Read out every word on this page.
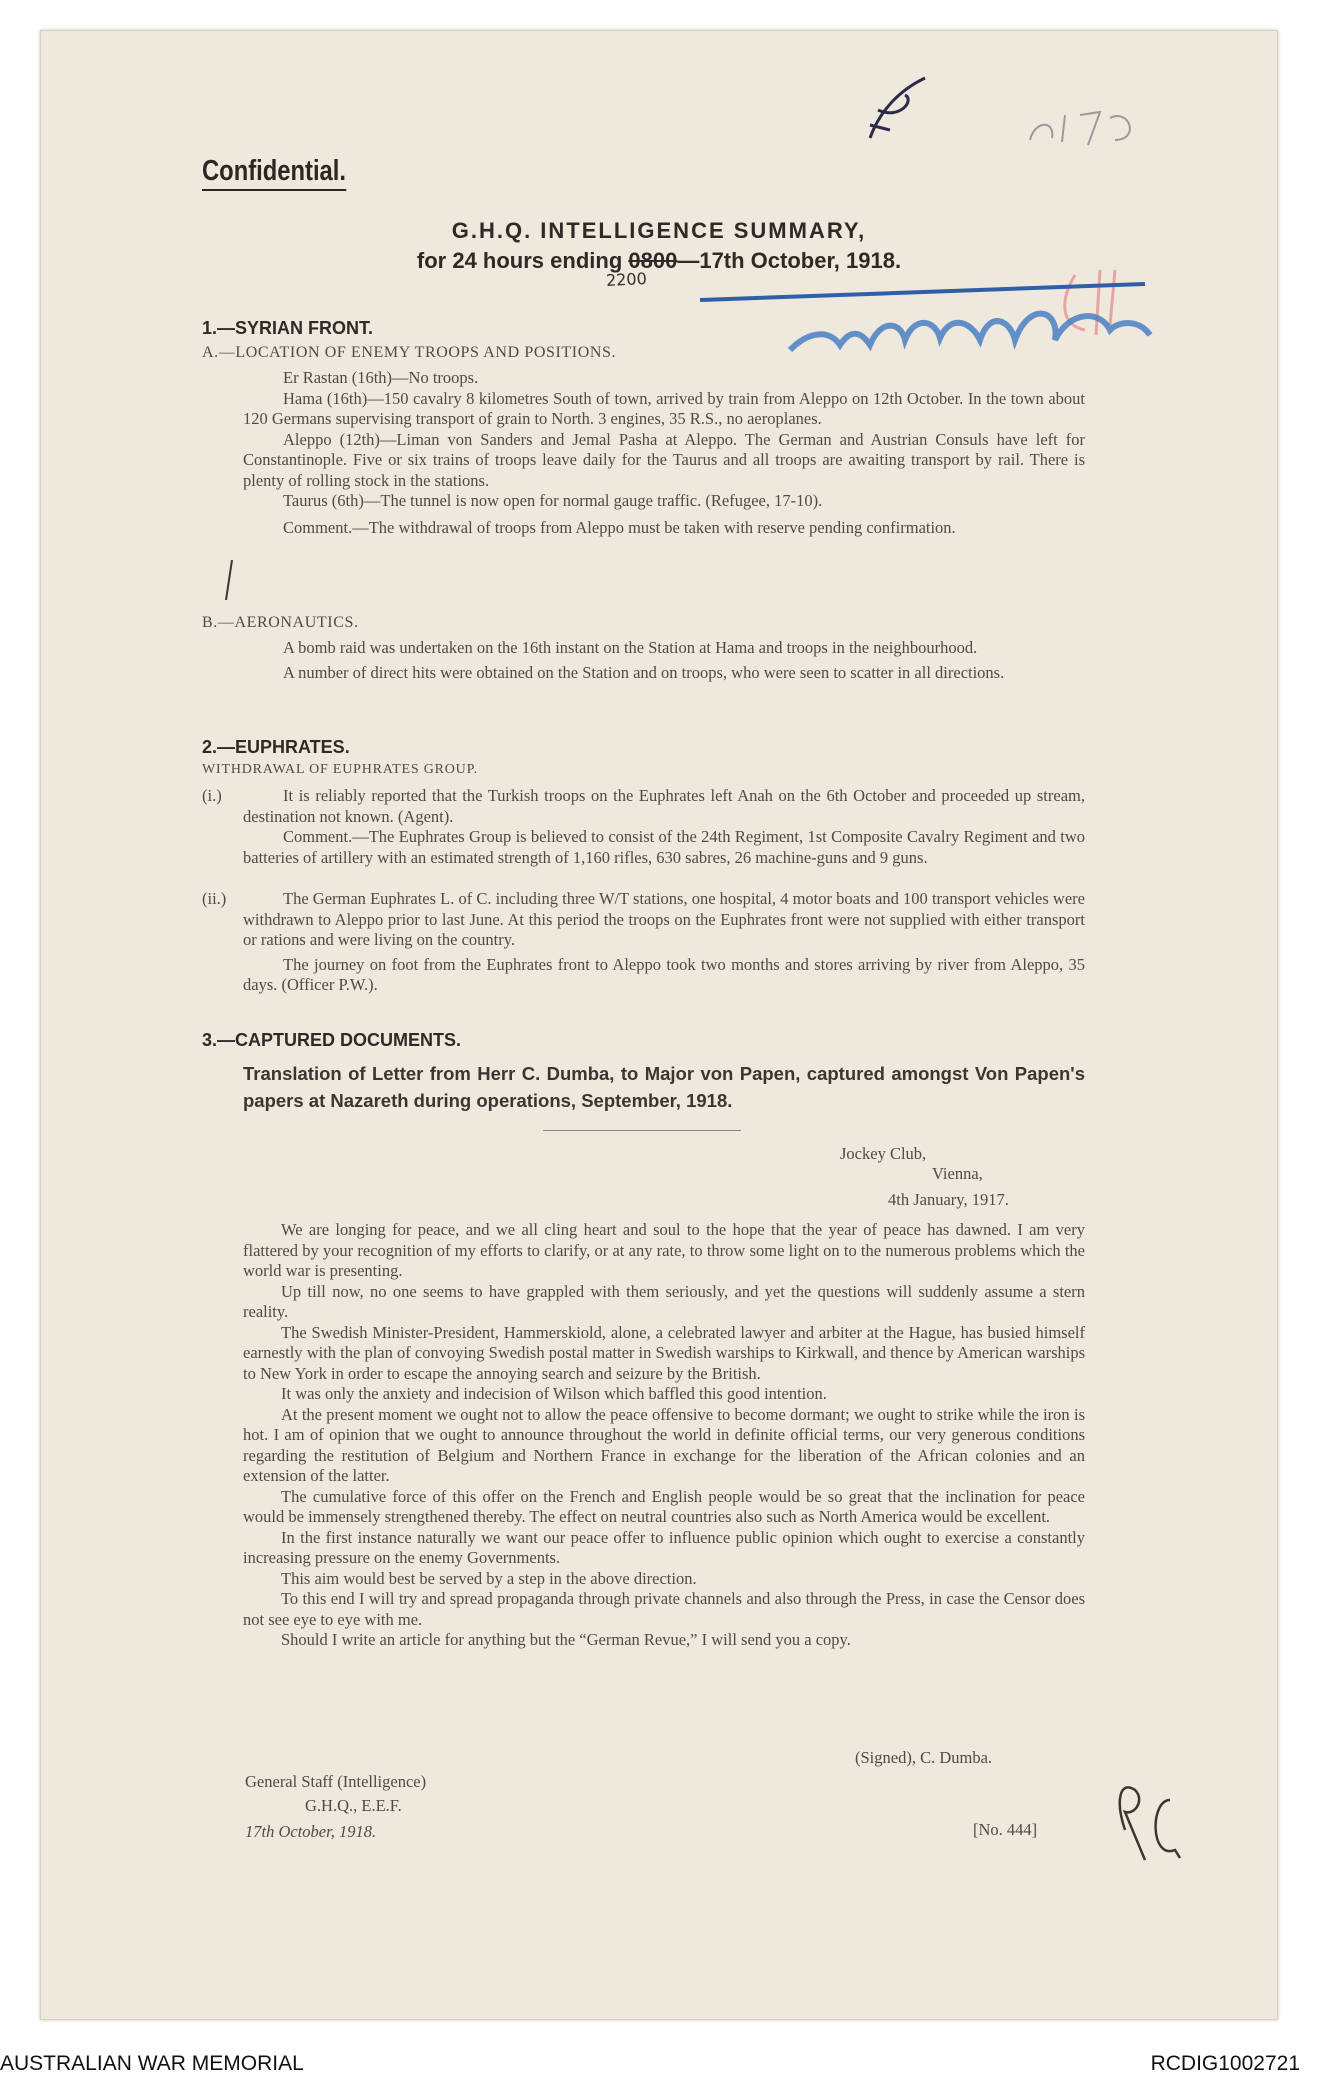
2200
Confidential.
G.H.Q. INTELLIGENCE SUMMARY,
for 24 hours ending 0800—17th October, 1918.
1.—SYRIAN FRONT.
A.—LOCATION OF ENEMY TROOPS AND POSITIONS.

Er Rastan (16th)—No troops.

Hama (16th)—150 cavalry 8 kilometres South of town, arrived by train from Aleppo on 12th October. In the town about 120 Germans supervising transport of grain to North. 3 engines, 35 R.S., no aeroplanes.

Aleppo (12th)—Liman von Sanders and Jemal Pasha at Aleppo. The German and Austrian Consuls have left for Constantinople. Five or six trains of troops leave daily for the Taurus and all troops are awaiting transport by rail. There is plenty of rolling stock in the stations.

Taurus (6th)—The tunnel is now open for normal gauge traffic. (Refugee, 17-10).

Comment.—The withdrawal of troops from Aleppo must be taken with reserve pending confirmation.

B.—AERONAUTICS.

A bomb raid was undertaken on the 16th instant on the Station at Hama and troops in the neighbourhood.

A number of direct hits were obtained on the Station and on troops, who were seen to scatter in all directions.

2.—EUPHRATES.
WITHDRAWAL OF EUPHRATES GROUP.
(i.)	It is reliably reported that the Turkish troops on the Euphrates left Anah on the 6th October and proceeded up stream, destination not known. (Agent).

Comment.—The Euphrates Group is believed to consist of the 24th Regiment, 1st Composite Cavalry Regiment and two batteries of artillery with an estimated strength of 1,160 rifles, 630 sabres, 26 machine-guns and 9 guns.

(ii.)	The German Euphrates L. of C. including three W/T stations, one hospital, 4 motor boats and 100 transport vehicles were withdrawn to Aleppo prior to last June. At this period the troops on the Euphrates front were not supplied with either transport or rations and were living on the country.

The journey on foot from the Euphrates front to Aleppo took two months and stores arriving by river from Aleppo, 35 days. (Officer P.W.).

3.—CAPTURED DOCUMENTS.
Translation of Letter from Herr C. Dumba, to Major von Papen, captured amongst Von Papen's papers at Nazareth during operations, September, 1918.
Jockey Club,
Vienna,
4th January, 1917.

We are longing for peace, and we all cling heart and soul to the hope that the year of peace has dawned. I am very flattered by your recognition of my efforts to clarify, or at any rate, to throw some light on to the numerous problems which the world war is presenting.

Up till now, no one seems to have grappled with them seriously, and yet the questions will suddenly assume a stern reality.

The Swedish Minister-President, Hammerskiold, alone, a celebrated lawyer and arbiter at the Hague, has busied himself earnestly with the plan of convoying Swedish postal matter in Swedish warships to Kirkwall, and thence by American warships to New York in order to escape the annoying search and seizure by the British.

It was only the anxiety and indecision of Wilson which baffled this good intention.

At the present moment we ought not to allow the peace offensive to become dormant; we ought to strike while the iron is hot. I am of opinion that we ought to announce throughout the world in definite official terms, our very generous conditions regarding the restitution of Belgium and Northern France in exchange for the liberation of the African colonies and an extension of the latter.

The cumulative force of this offer on the French and English people would be so great that the inclination for peace would be immensely strengthened thereby. The effect on neutral countries also such as North America would be excellent.

In the first instance naturally we want our peace offer to influence public opinion which ought to exercise a constantly increasing pressure on the enemy Governments.

This aim would best be served by a step in the above direction.

To this end I will try and spread propaganda through private channels and also through the Press, in case the Censor does not see eye to eye with me.

Should I write an article for anything but the “German Revue,” I will send you a copy.

(Signed), C. Dumba.
General Staff (Intelligence)
G.H.Q., E.E.F.
17th October, 1918.	[No. 444]
AUSTRALIAN WAR MEMORIAL	RCDIG1002721
